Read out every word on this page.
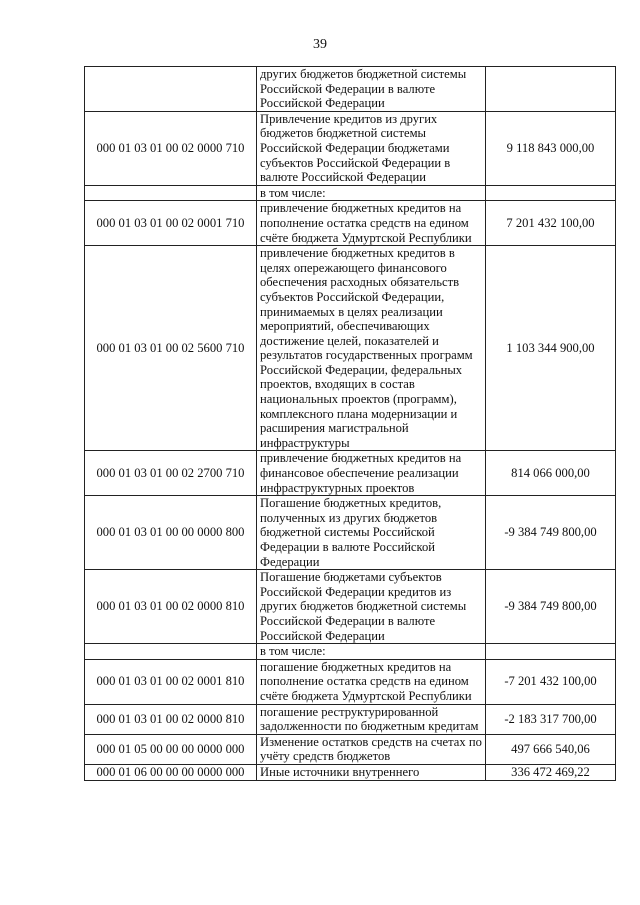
39
	других бюджетов бюджетной системы Российской Федерации в валюте Российской Федерации	
000 01 03 01 00 02 0000 710	Привлечение кредитов из других бюджетов бюджетной системы Российской Федерации бюджетами субъектов Российской Федерации в валюте Российской Федерации	9 118 843 000,00
	в том числе:	
000 01 03 01 00 02 0001 710	привлечение бюджетных кредитов на пополнение остатка средств на едином счёте бюджета Удмуртской Республики	7 201 432 100,00
000 01 03 01 00 02 5600 710	привлечение бюджетных кредитов в целях опережающего финансового обеспечения расходных обязательств субъектов Российской Федерации, принимаемых в целях реализации мероприятий, обеспечивающих достижение целей, показателей и результатов государственных программ Российской Федерации, федеральных проектов, входящих в состав национальных проектов (программ), комплексного плана модернизации и расширения магистральной инфраструктуры	1 103 344 900,00
000 01 03 01 00 02 2700 710	привлечение бюджетных кредитов на финансовое обеспечение реализации инфраструктурных проектов	814 066 000,00
000 01 03 01 00 00 0000 800	Погашение бюджетных кредитов, полученных из других бюджетов бюджетной системы Российской Федерации в валюте Российской Федерации	-9 384 749 800,00
000 01 03 01 00 02 0000 810	Погашение бюджетами субъектов Российской Федерации кредитов из других бюджетов бюджетной системы Российской Федерации в валюте Российской Федерации	-9 384 749 800,00
	в том числе:	
000 01 03 01 00 02 0001 810	погашение бюджетных кредитов на пополнение остатка средств на едином счёте бюджета Удмуртской Республики	-7 201 432 100,00
000 01 03 01 00 02 0000 810	погашение реструктурированной задолженности по бюджетным кредитам	-2 183 317 700,00
000 01 05 00 00 00 0000 000	Изменение остатков средств на счетах по учёту средств бюджетов	497 666 540,06
000 01 06 00 00 00 0000 000	Иные источники внутреннего	336 472 469,22
